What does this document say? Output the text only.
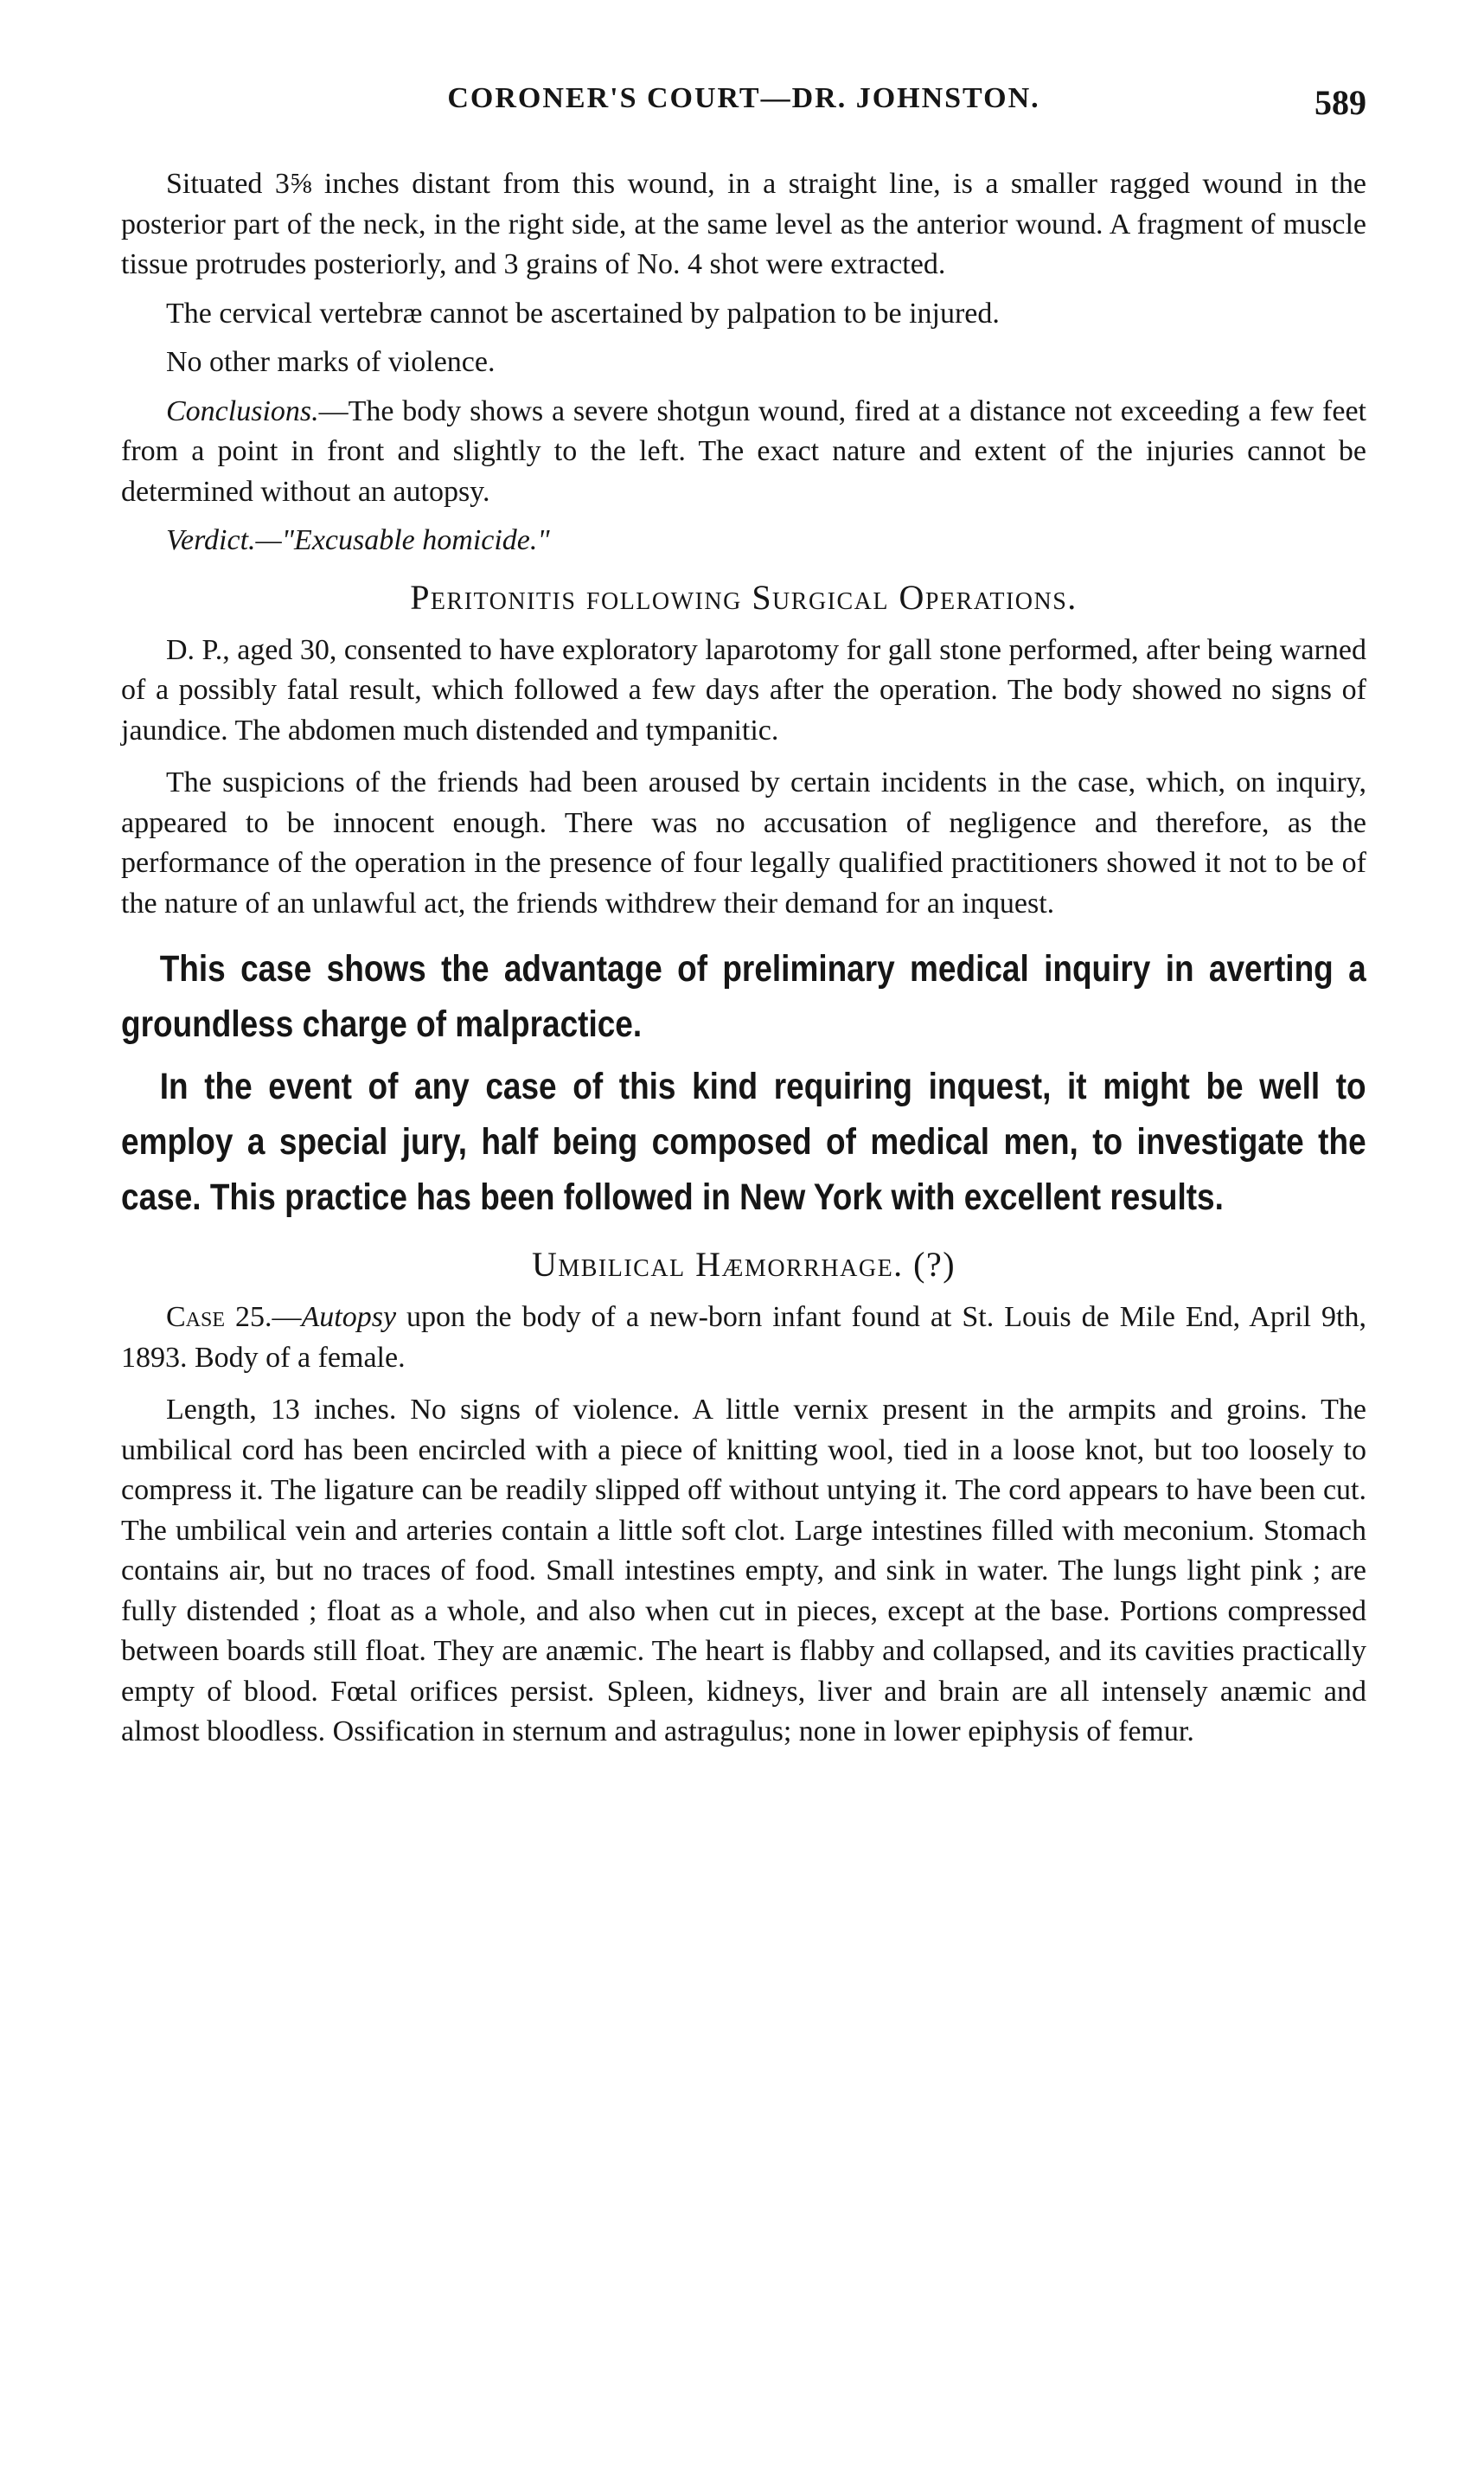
CORONER'S COURT—DR. JOHNSTON.	589

Situated 3⅝ inches distant from this wound, in a straight line, is a smaller ragged wound in the posterior part of the neck, in the right side, at the same level as the anterior wound. A fragment of muscle tissue protrudes posteriorly, and 3 grains of No. 4 shot were extracted.

The cervical vertebræ cannot be ascertained by palpation to be injured.

No other marks of violence.

Conclusions.—The body shows a severe shotgun wound, fired at a distance not exceeding a few feet from a point in front and slightly to the left. The exact nature and extent of the injuries cannot be determined without an autopsy.

Verdict.—"Excusable homicide."

Peritonitis following Surgical Operations.

D. P., aged 30, consented to have exploratory laparotomy for gall stone performed, after being warned of a possibly fatal result, which followed a few days after the operation. The body showed no signs of jaundice. The abdomen much distended and tympanitic.

The suspicions of the friends had been aroused by certain incidents in the case, which, on inquiry, appeared to be innocent enough. There was no accusation of negligence and therefore, as the performance of the operation in the presence of four legally qualified practitioners showed it not to be of the nature of an unlawful act, the friends withdrew their demand for an inquest.

This case shows the advantage of preliminary medical inquiry in averting a groundless charge of malpractice.

In the event of any case of this kind requiring inquest, it might be well to employ a special jury, half being composed of medical men, to investigate the case. This practice has been followed in New York with excellent results.

Umbilical Hæmorrhage. (?)

Case 25.—Autopsy upon the body of a new-born infant found at St. Louis de Mile End, April 9th, 1893. Body of a female.

Length, 13 inches. No signs of violence. A little vernix present in the armpits and groins. The umbilical cord has been encircled with a piece of knitting wool, tied in a loose knot, but too loosely to compress it. The ligature can be readily slipped off without untying it. The cord appears to have been cut. The umbilical vein and arteries contain a little soft clot. Large intestines filled with meconium. Stomach contains air, but no traces of food. Small intestines empty, and sink in water. The lungs light pink ; are fully distended ; float as a whole, and also when cut in pieces, except at the base. Portions compressed between boards still float. They are anæmic. The heart is flabby and collapsed, and its cavities practically empty of blood. Fœtal orifices persist. Spleen, kidneys, liver and brain are all intensely anæmic and almost bloodless. Ossification in sternum and astragulus; none in lower epiphysis of femur.
